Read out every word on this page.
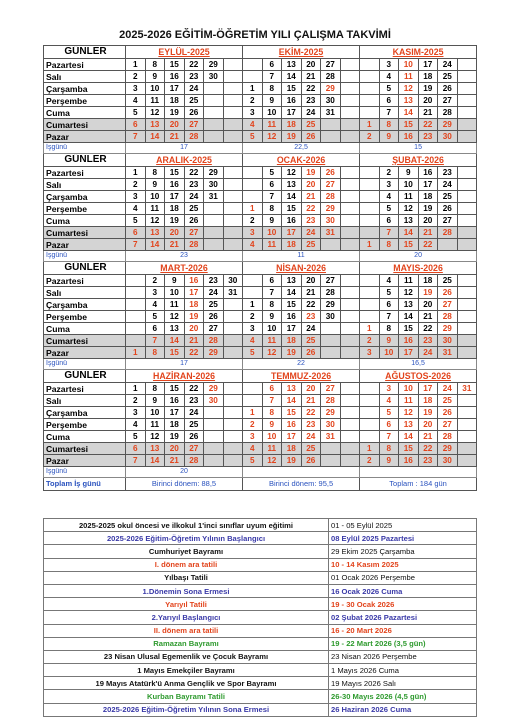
2025-2026 EĞİTİM-ÖĞRETİM YILI ÇALIŞMA TAKVİMİ
GÜNLER	EYLÜL-2025						EKİM-2025						KASIM-2025					
Pazartesi	1	8	15	22	29			6	13	20	27			3	10	17	24	
Salı	2	9	16	23	30			7	14	21	28			4	11	18	25	
Çarşamba	3	10	17	24			1	8	15	22	29			5	12	19	26	
Perşembe	4	11	18	25			2	9	16	23	30			6	13	20	27	
Cuma	5	12	19	26			3	10	17	24	31			7	14	21	28	
Cumartesi	6	13	20	27			4	11	18	25			1	8	15	22	29	
Pazar	7	14	21	28			5	12	19	26			2	9	16	23	30	
İşgünü	17						22,5						15					
GÜNLER	ARALIK-2025						OCAK-2026						ŞUBAT-2026					
Pazartesi	1	8	15	22	29			5	12	19	26			2	9	16	23	
Salı	2	9	16	23	30			6	13	20	27			3	10	17	24	
Çarşamba	3	10	17	24	31			7	14	21	28			4	11	18	25	
Perşembe	4	11	18	25			1	8	15	22	29			5	12	19	26	
Cuma	5	12	19	26			2	9	16	23	30			6	13	20	27	
Cumartesi	6	13	20	27			3	10	17	24	31			7	14	21	28	
Pazar	7	14	21	28			4	11	18	25			1	8	15	22		
İşgünü	23						11						20					
GÜNLER	MART-2026						NİSAN-2026						MAYIS-2026					
Pazartesi		2	9	16	23	30		6	13	20	27			4	11	18	25	
Salı		3	10	17	24	31		7	14	21	28			5	12	19	26	
Çarşamba		4	11	18	25		1	8	15	22	29			6	13	20	27	
Perşembe		5	12	19	26		2	9	16	23	30			7	14	21	28	
Cuma		6	13	20	27		3	10	17	24			1	8	15	22	29	
Cumartesi		7	14	21	28		4	11	18	25			2	9	16	23	30	
Pazar	1	8	15	22	29		5	12	19	26			3	10	17	24	31	
İşgünü	17						22						16,5					
GÜNLER	HAZİRAN-2026						TEMMUZ-2026						AĞUSTOS-2026					
Pazartesi	1	8	15	22	29			6	13	20	27			3	10	17	24	31
Salı	2	9	16	23	30			7	14	21	28			4	11	18	25	
Çarşamba	3	10	17	24			1	8	15	22	29			5	12	19	26	
Perşembe	4	11	18	25			2	9	16	23	30			6	13	20	27	
Cuma	5	12	19	26			3	10	17	24	31			7	14	21	28	
Cumartesi	6	13	20	27			4	11	18	25			1	8	15	22	29	
Pazar	7	14	21	28			5	12	19	26			2	9	16	23	30	
İşgünü	20																	
Toplam İş günü	Birinci dönem: 88,5						Birinci dönem: 95,5						Toplam : 184 gün					
2025-2025 okul öncesi ve ilkokul 1'inci sınıflar uyum eğitimi	01 - 05 Eylül 2025
2025-2026 Eğitim-Öğretim Yılının Başlangıcı	08 Eylül 2025 Pazartesi
Cumhuriyet Bayramı	29 Ekim 2025 Çarşamba
I. dönem ara tatili	10 - 14 Kasım 2025
Yılbaşı Tatili	01 Ocak 2026 Perşembe
1.Dönemin Sona Ermesi	16 Ocak 2026 Cuma
Yarıyıl Tatili	19 - 30 Ocak 2026
2.Yarıyıl Başlangıcı	02 Şubat 2026 Pazartesi
II. dönem ara tatili	16 - 20 Mart 2026
Ramazan Bayramı	19 - 22 Mart 2026 (3,5 gün)
23 Nisan Ulusal Egemenlik ve Çocuk Bayramı	23 Nisan 2026 Perşembe
1 Mayıs Emekçiler Bayramı	1 Mayıs 2026 Cuma
19 Mayıs Atatürk'ü Anma Gençlik ve Spor Bayramı	19 Mayıs 2026 Salı
Kurban Bayramı Tatili	26-30 Mayıs 2026 (4,5 gün)
2025-2026 Eğitim-Öğretim Yılının Sona Ermesi	26 Haziran 2026 Cuma
